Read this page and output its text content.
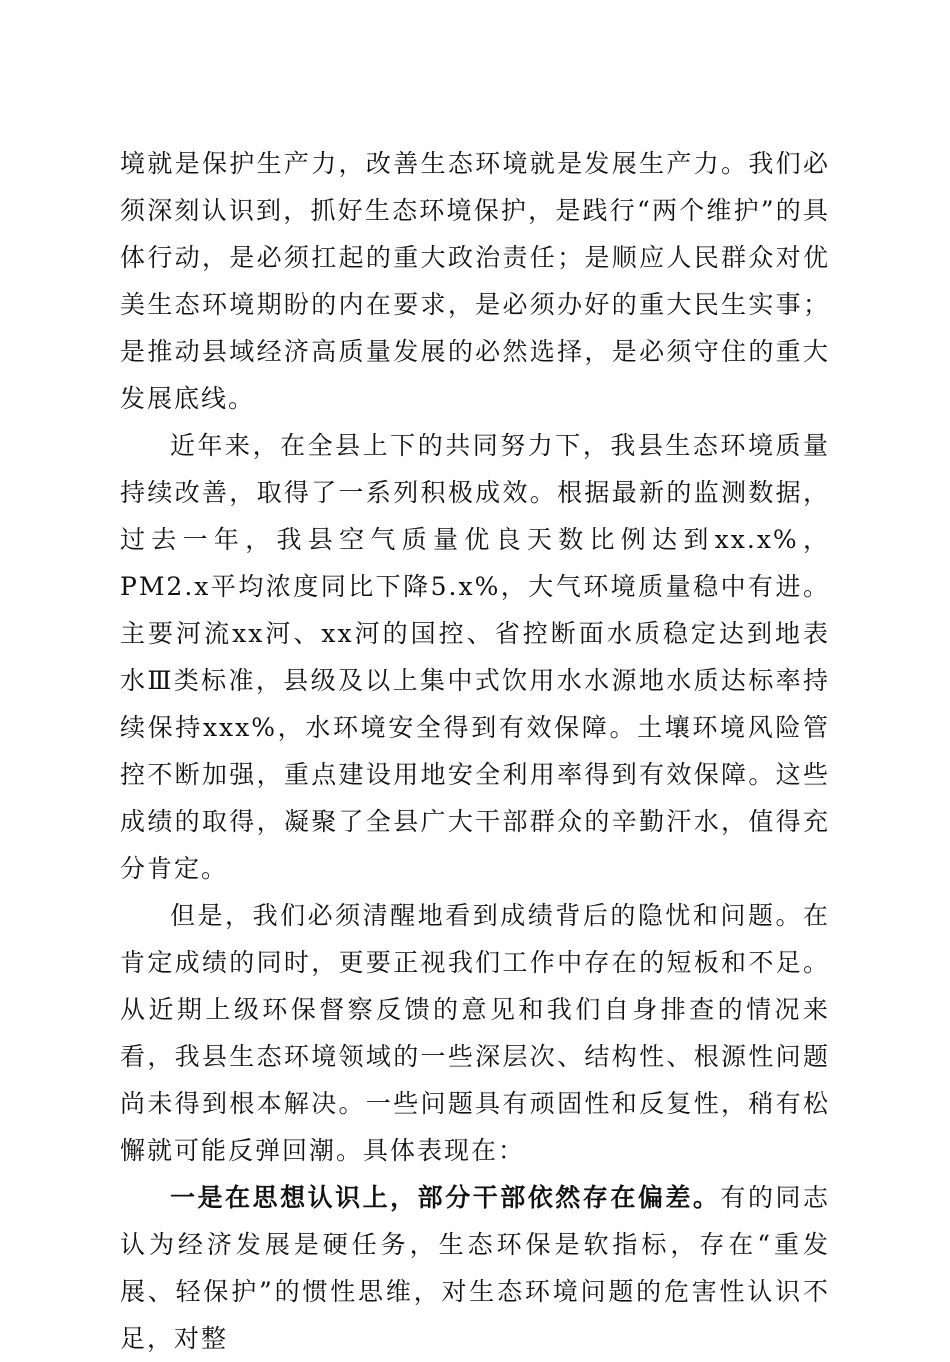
境就是保护生产力，改善生态环境就是发展生产力。我们必须深刻认识到，抓好生态环境保护，是践行“两个维护”的具体行动，是必须扛起的重大政治责任；是顺应人民群众对优美生态环境期盼的内在要求，是必须办好的重大民生实事；是推动县域经济高质量发展的必然选择，是必须守住的重大发展底线。

近年来，在全县上下的共同努力下，我县生态环境质量持续改善，取得了一系列积极成效。根据最新的监测数据，过去一年，我县空气质量优良天数比例达到xx.x%，PM2.x平均浓度同比下降5.x%，大气环境质量稳中有进。主要河流xx河、xx河的国控、省控断面水质稳定达到地表水Ⅲ类标准，县级及以上集中式饮用水水源地水质达标率持续保持xxx%，水环境安全得到有效保障。土壤环境风险管控不断加强，重点建设用地安全利用率得到有效保障。这些成绩的取得，凝聚了全县广大干部群众的辛勤汗水，值得充分肯定。

但是，我们必须清醒地看到成绩背后的隐忧和问题。在肯定成绩的同时，更要正视我们工作中存在的短板和不足。从近期上级环保督察反馈的意见和我们自身排查的情况来看，我县生态环境领域的一些深层次、结构性、根源性问题尚未得到根本解决。一些问题具有顽固性和反复性，稍有松懈就可能反弹回潮。具体表现在：

一是在思想认识上，部分干部依然存在偏差。有的同志认为经济发展是硬任务，生态环保是软指标，存在“重发展、轻保护”的惯性思维，对生态环境问题的危害性认识不足，对整
